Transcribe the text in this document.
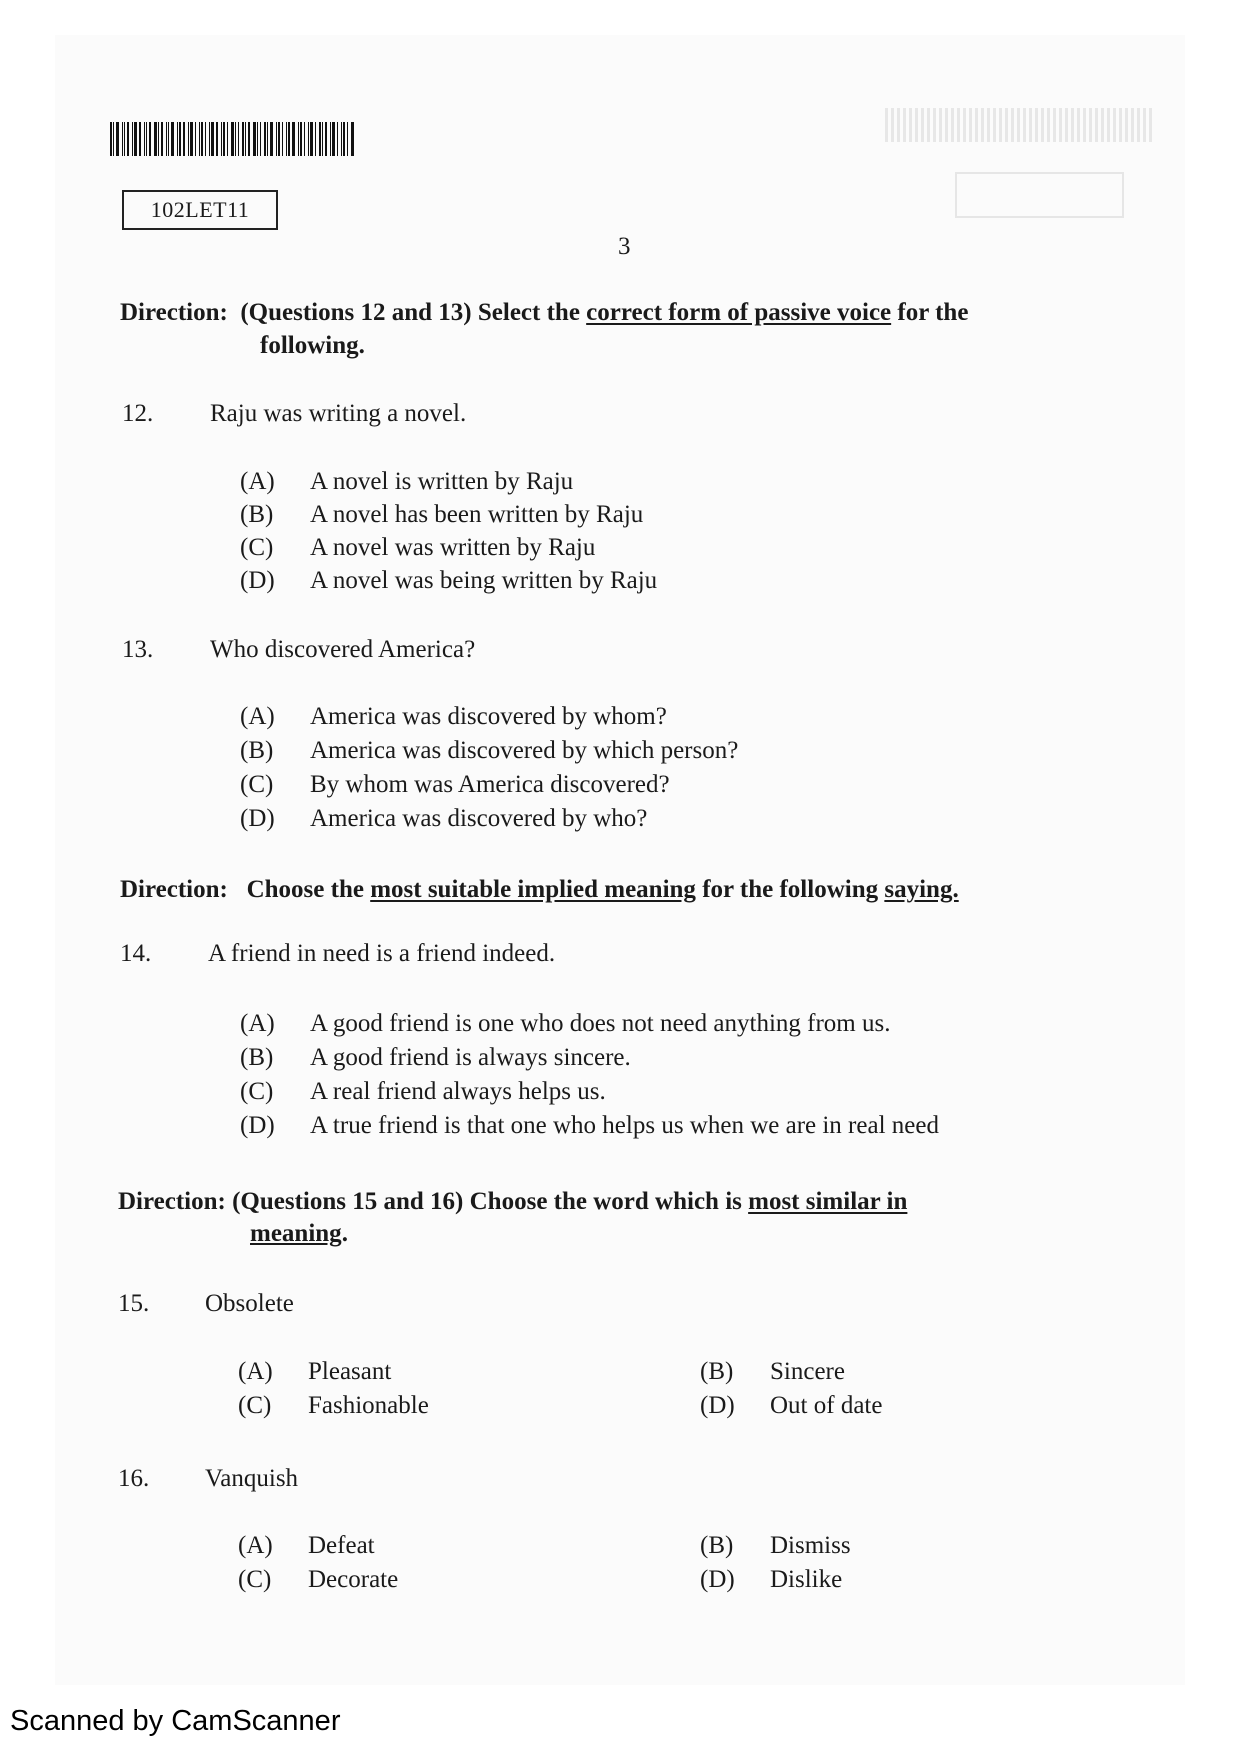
102LET11
3
Direction: (Questions 12 and 13) Select the correct form of passive voice for the
following.
12. Raju was writing a novel.
(A) A novel is written by Raju
(B) A novel has been written by Raju
(C) A novel was written by Raju
(D) A novel was being written by Raju
13. Who discovered America?
(A) America was discovered by whom?
(B) America was discovered by which person?
(C) By whom was America discovered?
(D) America was discovered by who?
Direction: Choose the most suitable implied meaning for the following saying.
14. A friend in need is a friend indeed.
(A) A good friend is one who does not need anything from us.
(B) A good friend is always sincere.
(C) A real friend always helps us.
(D) A true friend is that one who helps us when we are in real need
Direction: (Questions 15 and 16) Choose the word which is most similar in
meaning.
15. Obsolete
(A) Pleasant	(B) Sincere
(C) Fashionable	(D) Out of date
16. Vanquish
(A) Defeat	(B) Dismiss
(C) Decorate	(D) Dislike
Scanned by CamScanner
